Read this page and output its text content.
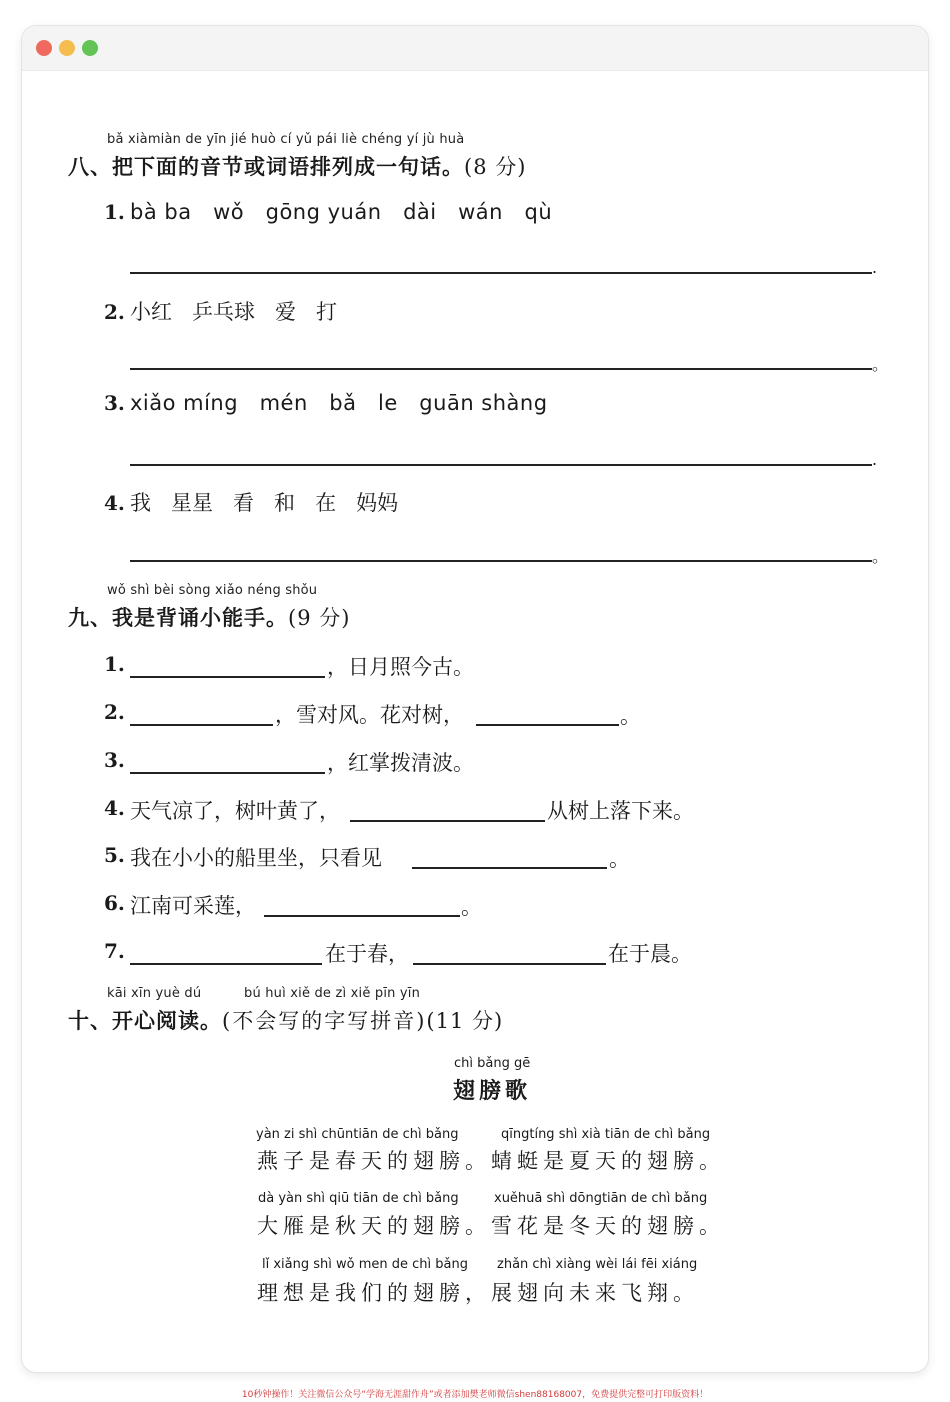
bǎ xiàmiàn de yīn jié huò cí yǔ pái liè chéng yí jù huà
八、把下面的音节或词语排列成一句话。(8 分)
1. bà ba   wǒ   gōng yuán   dài   wán   qù
.
2. 小红   乒乓球   爱   打
。
3. xiǎo míng   mén   bǎ   le   guān shàng
.
4. 我   星星   看   和   在   妈妈
。
wǒ shì bèi sòng xiǎo néng shǒu
九、我是背诵小能手。(9 分)
1.	，日月照今古。
2.	，雪对风。花对树，	。
3.	，红掌拨清波。
4. 天气凉了，树叶黄了，	从树上落下来。
5. 我在小小的船里坐，只看见	。
6. 江南可采莲，	。
7.	在于春，	在于晨。
kāi xīn yuè dú	bú huì xiě de zì xiě pīn yīn
十、开心阅读。(不会写的字写拼音)(11 分)
chì bǎng gē
翅膀歌
yàn zi shì chūntiān de chì bǎng	qīngtíng shì xià tiān de chì bǎng
燕子是春天的翅膀。蜻蜓是夏天的翅膀。
dà yàn shì qiū tiān de chì bǎng	xuěhuā shì dōngtiān de chì bǎng
大雁是秋天的翅膀。雪花是冬天的翅膀。
lǐ xiǎng shì wǒ men de chì bǎng zhǎn chì xiàng wèi lái fēi xiáng
理想是我们的翅膀，展翅向未来飞翔。
10秒钟操作！关注微信公众号“学海无涯甜作舟”或者添加樊老师微信shen88168007，免费提供完整可打印版资料！
